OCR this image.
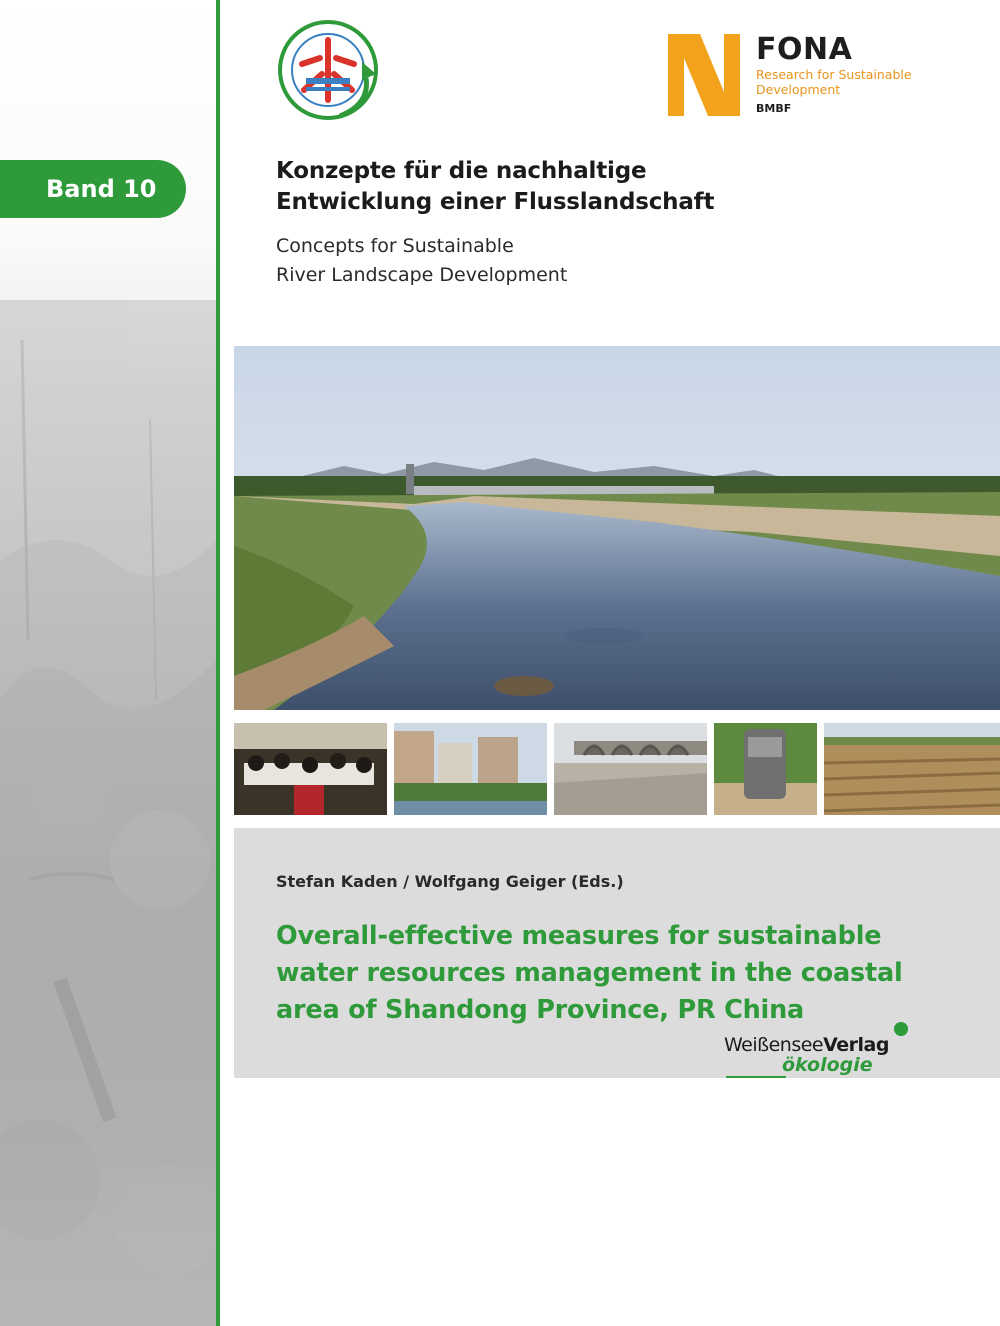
Band 10
FONA
Research for Sustainable
Development
BMBF
Konzepte für die nachhaltige
Entwicklung einer Flusslandschaft
Concepts for Sustainable
River Landscape Development
Stefan Kaden / Wolfgang Geiger (Eds.)
Overall-effective measures for sustainable
water resources management in the coastal
area of Shandong Province, PR China
WeißenseeVerlag
ökologie
